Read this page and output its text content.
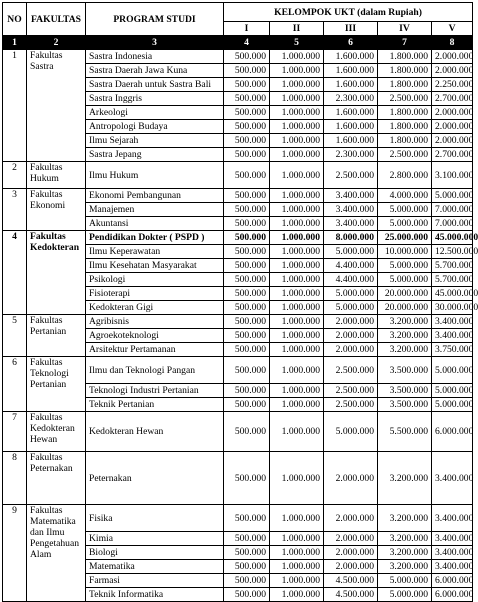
NO	FAKULTAS	PROGRAM STUDI	KELOMPOK UKT (dalam Rupiah)				
			I	II	III	IV	V
1	2	3	4	5	6	7	8
1	Fakultas Sastra	Sastra Indonesia	500.000	1.000.000	1.600.000	1.800.000	2.000.000
		Sastra Daerah Jawa Kuna	500.000	1.000.000	1.600.000	1.800.000	2.000.000
		Sastra Daerah untuk Sastra Bali	500.000	1.000.000	1.600.000	1.800.000	2.250.000
		Sastra Inggris	500.000	1.000.000	2.300.000	2.500.000	2.700.000
		Arkeologi	500.000	1.000.000	1.600.000	1.800.000	2.000.000
		Antropologi Budaya	500.000	1.000.000	1.600.000	1.800.000	2.000.000
		Ilmu Sejarah	500.000	1.000.000	1.600.000	1.800.000	2.000.000
		Sastra Jepang	500.000	1.000.000	2.300.000	2.500.000	2.700.000
2	Fakultas Hukum	Ilmu Hukum	500.000	1.000.000	2.500.000	2.800.000	3.100.000
3	Fakultas Ekonomi	Ekonomi Pembangunan	500.000	1.000.000	3.400.000	4.000.000	5.000.000
		Manajemen	500.000	1.000.000	3.400.000	5.000.000	7.000.000
		Akuntansi	500.000	1.000.000	3.400.000	5.000.000	7.000.000
4	Fakultas Kedokteran	Pendidikan Dokter ( PSPD )	500.000	1.000.000	8.000.000	25.000.000	45.000.000
		Ilmu Keperawatan	500.000	1.000.000	5.000.000	10.000.000	12.500.000
		Ilmu Kesehatan Masyarakat	500.000	1.000.000	4.400.000	5.000.000	5.700.000
		Psikologi	500.000	1.000.000	4.400.000	5.000.000	5.700.000
		Fisioterapi	500.000	1.000.000	5.000.000	20.000.000	45.000.000
		Kedokteran Gigi	500.000	1.000.000	5.000.000	20.000.000	30.000.000
5	Fakultas Pertanian	Agribisnis	500.000	1.000.000	2.000.000	3.200.000	3.400.000
		Agroekoteknologi	500.000	1.000.000	2.000.000	3.200.000	3.400.000
		Arsitektur Pertamanan	500.000	1.000.000	2.000.000	3.200.000	3.750.000
6	Fakultas Teknologi Pertanian	Ilmu dan Teknologi Pangan	500.000	1.000.000	2.500.000	3.500.000	5.000.000
		Teknologi Industri Pertanian	500.000	1.000.000	2.500.000	3.500.000	5.000.000
		Teknik Pertanian	500.000	1.000.000	2.500.000	3.500.000	5.000.000
7	Fakultas Kedokteran Hewan	Kedokteran Hewan	500.000	1.000.000	5.000.000	5.500.000	6.000.000
8	Fakultas Peternakan	Peternakan	500.000	1.000.000	2.000.000	3.200.000	3.400.000
9	Fakultas Matematika dan Ilmu Pengetahuan Alam	Fisika	500.000	1.000.000	2.000.000	3.200.000	3.400.000
		Kimia	500.000	1.000.000	2.000.000	3.200.000	3.400.000
		Biologi	500.000	1.000.000	2.000.000	3.200.000	3.400.000
		Matematika	500.000	1.000.000	2.000.000	3.200.000	3.400.000
		Farmasi	500.000	1.000.000	4.500.000	5.000.000	6.000.000
		Teknik Informatika	500.000	1.000.000	4.500.000	5.000.000	6.000.000
